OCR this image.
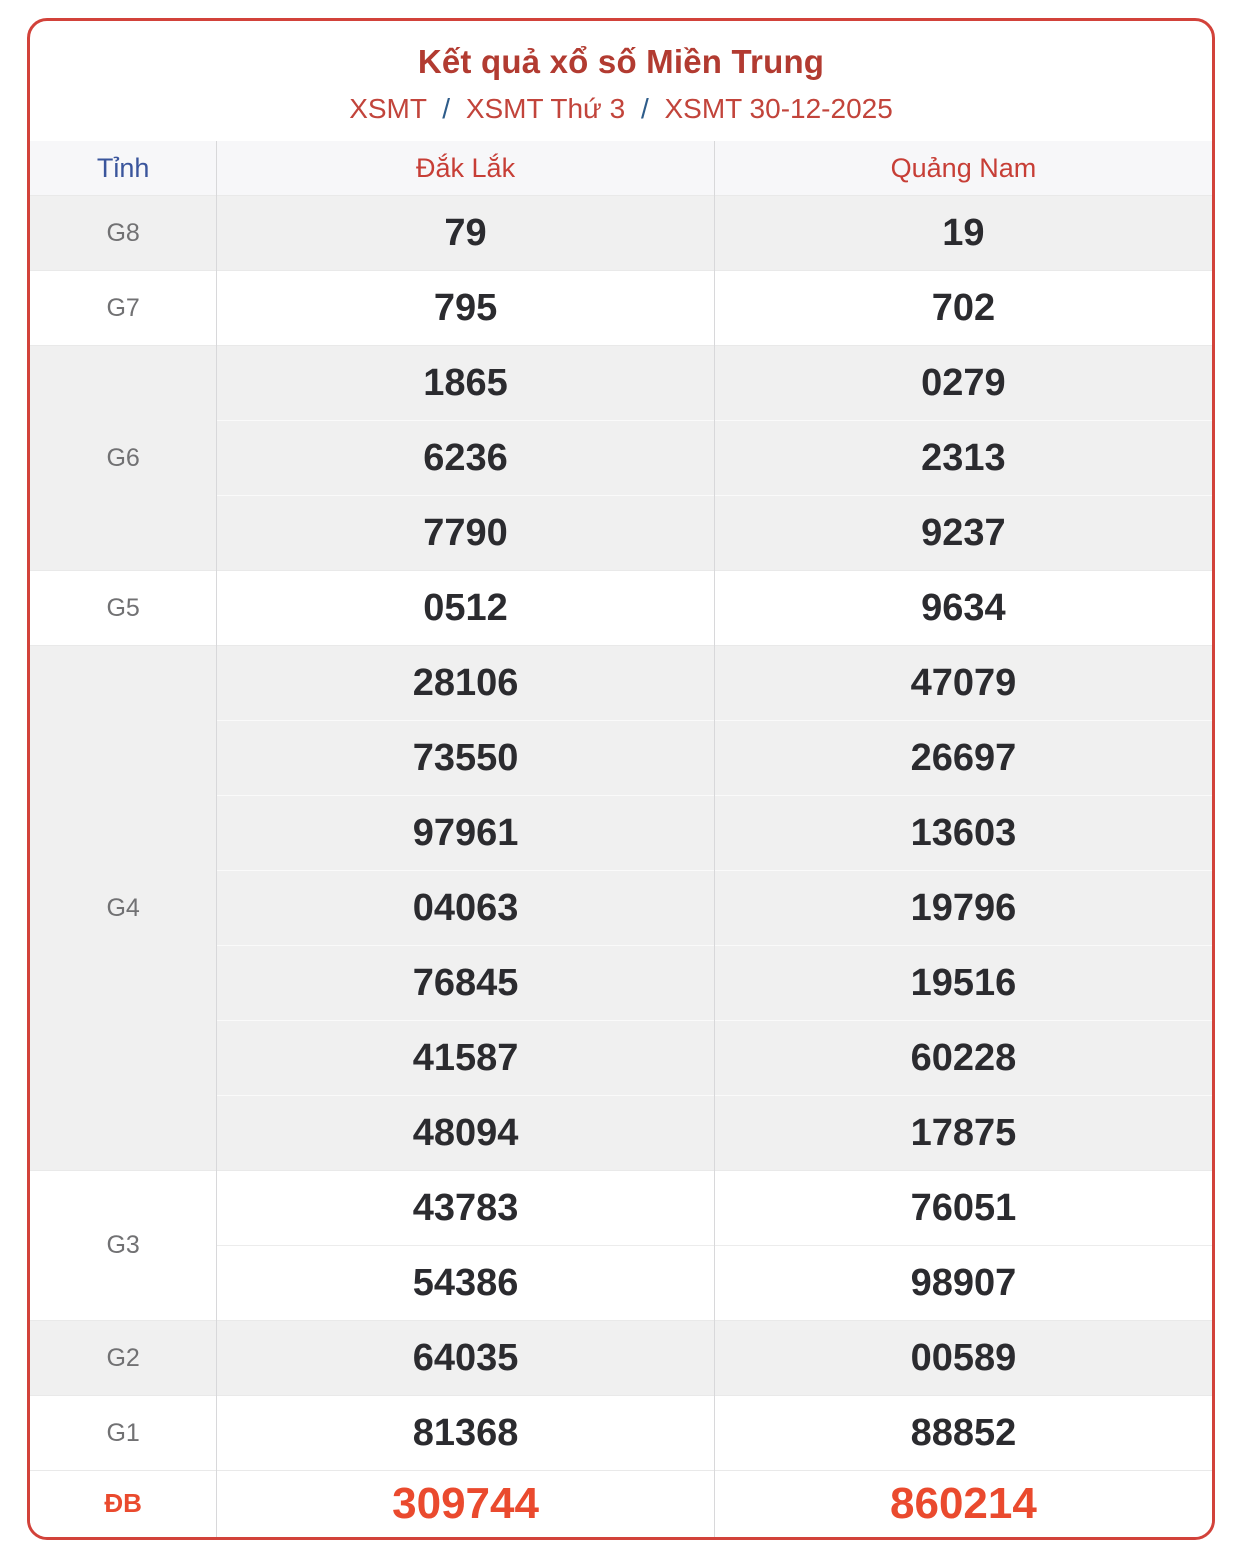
Kết quả xổ số Miền Trung
XSMT / XSMT Thứ 3 / XSMT 30-12-2025
Tỉnh	Đắk Lắk	Quảng Nam
G8	79	19
G7	795	702
G6	1865	0279
	6236	2313
	7790	9237
G5	0512	9634
G4	28106	47079
	73550	26697
	97961	13603
	04063	19796
	76845	19516
	41587	60228
	48094	17875
G3	43783	76051
	54386	98907
G2	64035	00589
G1	81368	88852
ĐB	309744	860214
